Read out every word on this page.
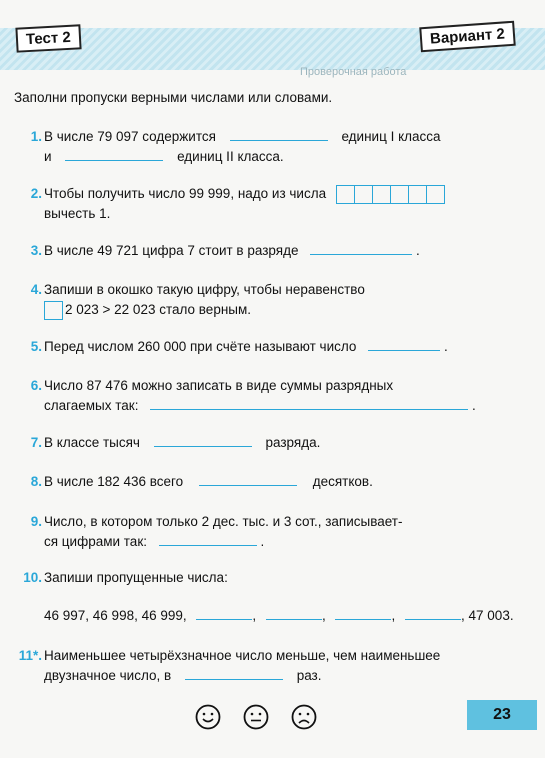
Тест 2	Вариант 2
Проверочная работа
Заполни пропуски верными числами или словами.
1. В числе 79 097 содержится	единиц I класса
и	единиц II класса.
2. Чтобы получить число 99 999, надо из числа
вычесть 1.
3. В числе 49 721 цифра 7 стоит в разряде	.
4. Запиши в окошко такую цифру, чтобы неравенство
2 023 > 22 023 стало верным.
5. Перед числом 260 000 при счёте называют число	.
6. Число 87 476 можно записать в виде суммы разрядных
слагаемых так:	.
7. В классе тысяч	разряда.
8. В числе 182 436 всего	десятков.
9. Число, в котором только 2 дес. тыс. и 3 сот., записывает-
ся цифрами так:	.
10. Запиши пропущенные числа:
46 997, 46 998, 46 999,	,	,	,	, 47 003.
11*. Наименьшее четырёхзначное число меньше, чем наименьшее
двузначное число, в	раз.
23
